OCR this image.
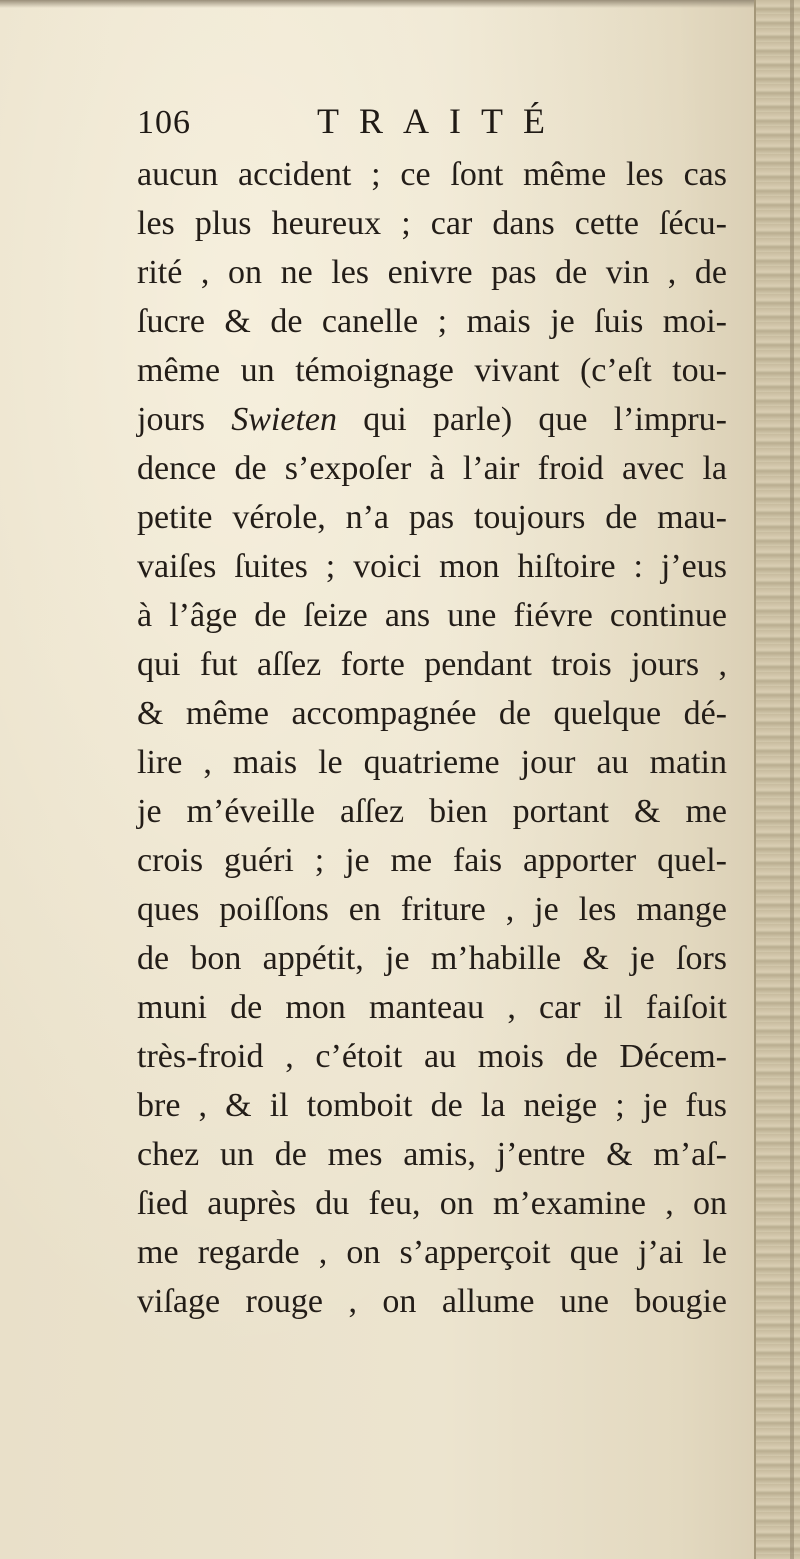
106	TRAITÉ
aucun accident ; ce ſont même les cas
les plus heureux ; car dans cette ſécu-
rité , on ne les enivre pas de vin , de
ſucre & de canelle ; mais je ſuis moi-
même un témoignage vivant (c’eſt tou-
jours Swieten qui parle) que l’impru-
dence de s’expoſer à l’air froid avec la
petite vérole, n’a pas toujours de mau-
vaiſes ſuites ; voici mon hiſtoire : j’eus
à l’âge de ſeize ans une fiévre continue
qui fut aſſez forte pendant trois jours ,
& même accompagnée de quelque dé-
lire , mais le quatrieme jour au matin
je m’éveille aſſez bien portant & me
crois guéri ; je me fais apporter quel-
ques poiſſons en friture , je les mange
de bon appétit, je m’habille & je ſors
muni de mon manteau , car il faiſoit
très-froid , c’étoit au mois de Décem-
bre , & il tomboit de la neige ; je fus
chez un de mes amis, j’entre & m’aſ-
ſied auprès du feu, on m’examine , on
me regarde , on s’apperçoit que j’ai le
viſage rouge , on allume une bougie
